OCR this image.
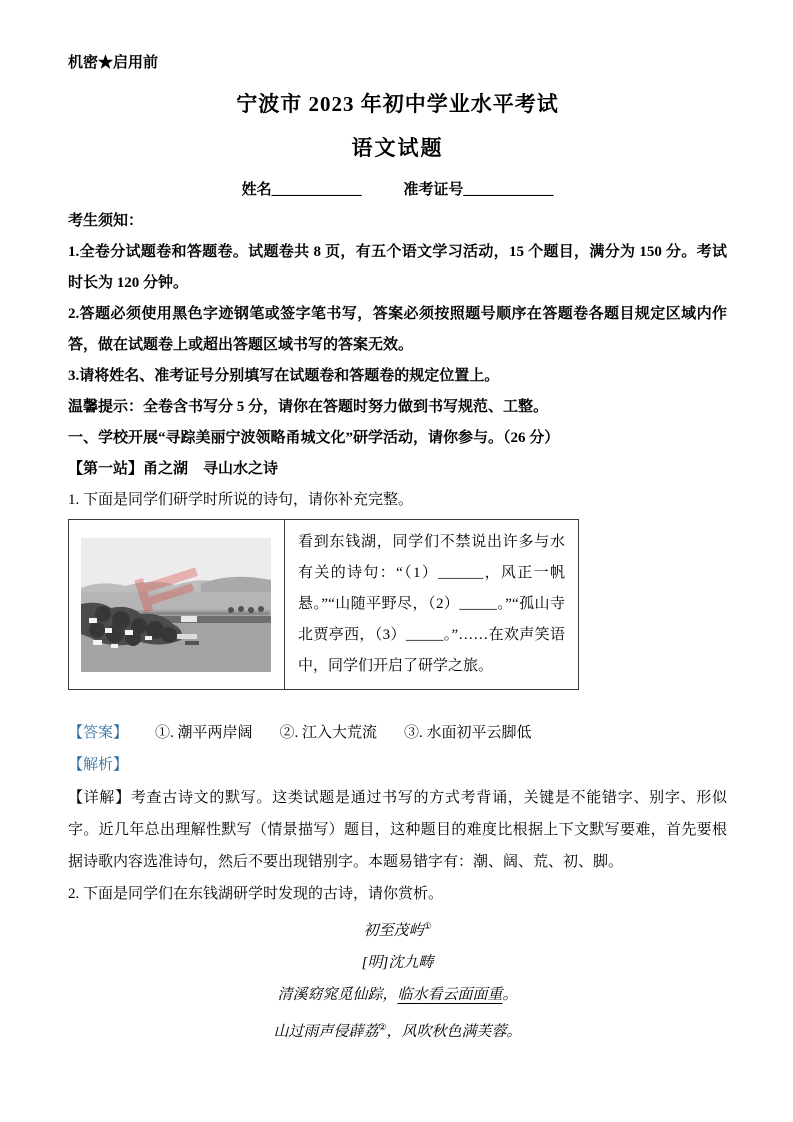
机密★启用前
宁波市 2023 年初中学业水平考试
语文试题
姓名____________	准考证号____________
考生须知：

1.全卷分试题卷和答题卷。试题卷共 8 页，有五个语文学习活动，15 个题目，满分为 150 分。考试时长为 120 分钟。

2.答题必须使用黑色字迹钢笔或签字笔书写，答案必须按照题号顺序在答题卷各题目规定区域内作答，做在试题卷上或超出答题区域书写的答案无效。

3.请将姓名、准考证号分别填写在试题卷和答题卷的规定位置上。

温馨提示：全卷含书写分 5 分，请你在答题时努力做到书写规范、工整。

一、学校开展“寻踪美丽宁波领略甬城文化”研学活动，请你参与。（26 分）
【第一站】甬之湖　寻山水之诗

1. 下面是同学们研学时所说的诗句，请你补充完整。

	看到东钱湖，同学们不禁说出许多与水有关的诗句：“（1）______，风正一帆悬。”“山随平野尽，（2）_____。”“孤山寺北贾亭西，（3）_____。”……在欢声笑语中，同学们开启了研学之旅。
【答案】 ①. 潮平两岸阔 ②. 江入大荒流 ③. 水面初平云脚低
【解析】

【详解】考查古诗文的默写。这类试题是通过书写的方式考背诵，关键是不能错字、别字、形似字。近几年总出理解性默写（情景描写）题目，这种题目的难度比根据上下文默写要难，首先要根据诗歌内容选准诗句，然后不要出现错别字。本题易错字有：潮、阔、荒、初、脚。

2. 下面是同学们在东钱湖研学时发现的古诗，请你赏析。

初至茂屿①
[明]沈九畴
清溪窈窕觅仙踪，临水看云面面重。
山过雨声侵薜荔②，风吹秋色满芙蓉。
